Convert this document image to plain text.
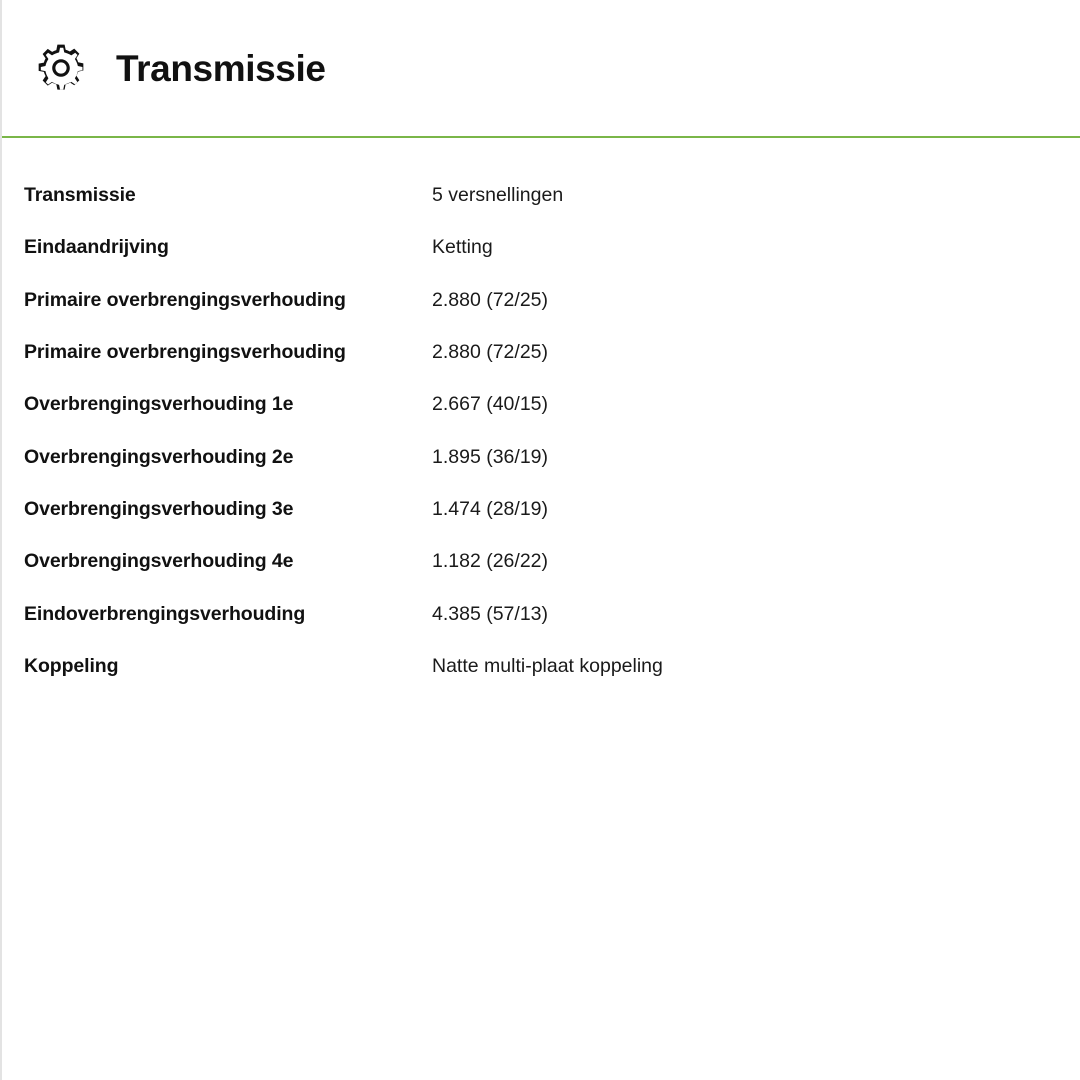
Transmissie
Transmissie	5 versnellingen
Eindaandrijving	Ketting
Primaire overbrengingsverhouding	2.880 (72/25)
Primaire overbrengingsverhouding	2.880 (72/25)
Overbrengingsverhouding 1e	2.667 (40/15)
Overbrengingsverhouding 2e	1.895 (36/19)
Overbrengingsverhouding 3e	1.474 (28/19)
Overbrengingsverhouding 4e	1.182 (26/22)
Eindoverbrengingsverhouding	4.385 (57/13)
Koppeling	Natte multi-plaat koppeling
